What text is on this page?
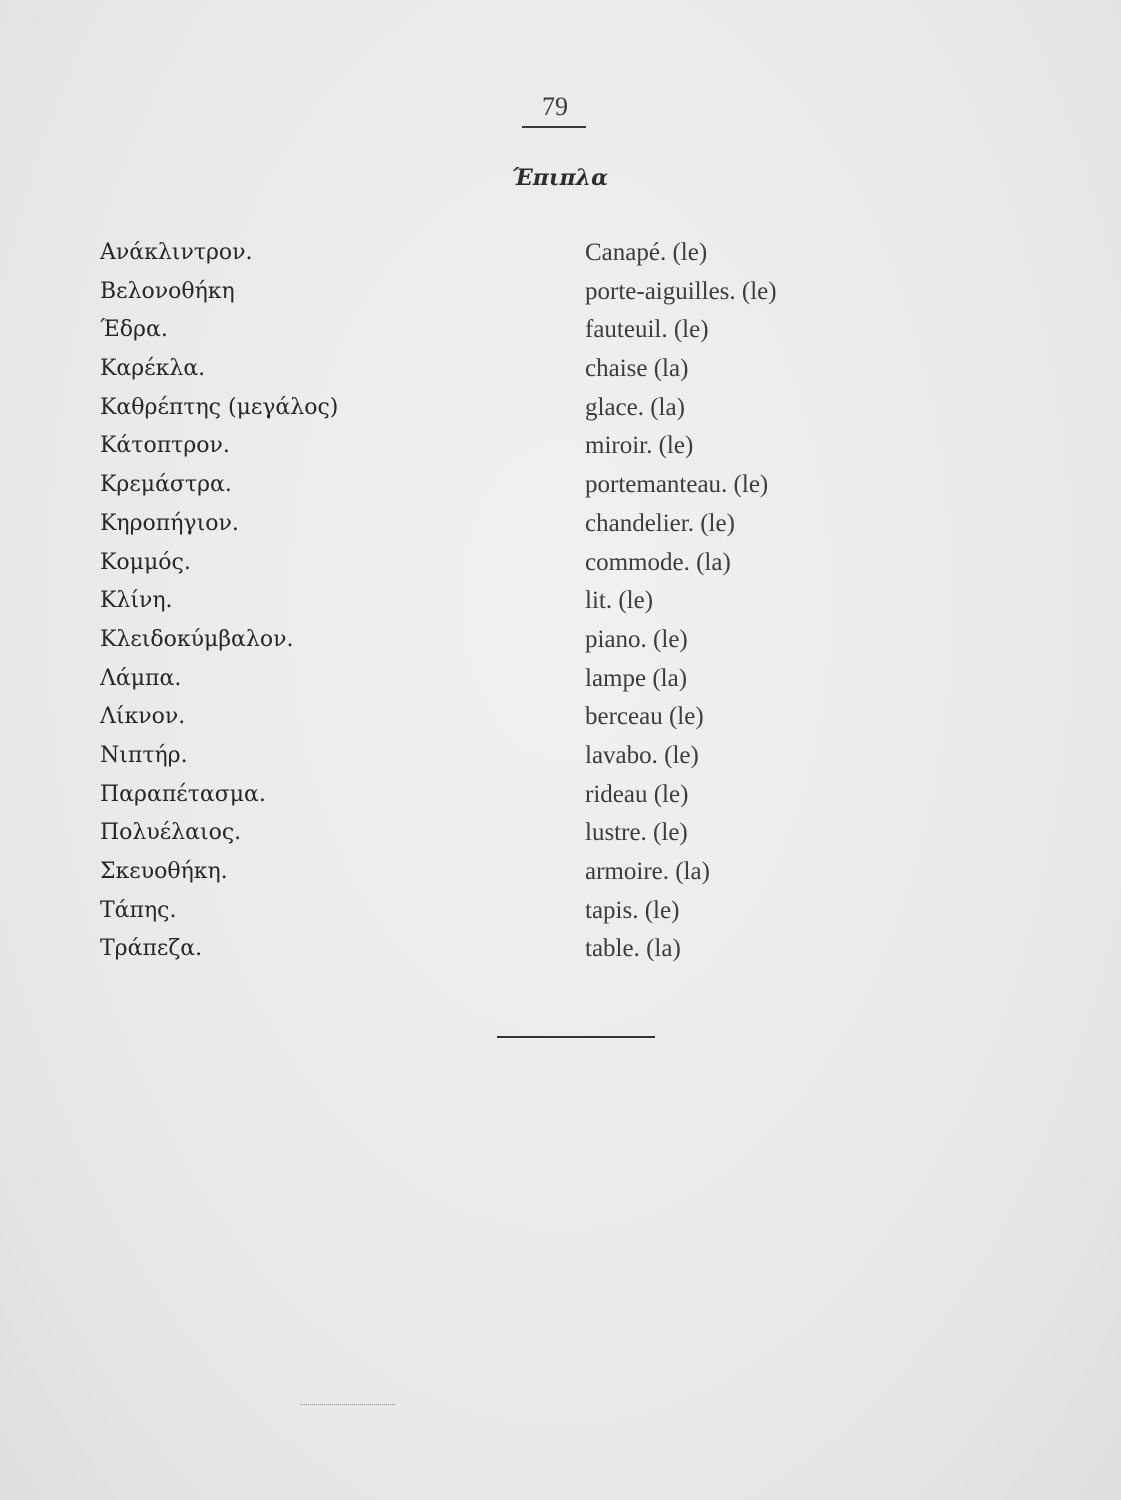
79
Έπιπλα
Ανάκλιντρον.
Βελονοθήκη
Έδρα.
Καρέκλα.
Καθρέπτης (μεγάλος)
Κάτοπτρον.
Κρεμάστρα.
Κηροπήγιον.
Κομμός.
Κλίνη.
Κλειδοκύμβαλον.
Λάμπα.
Λίκνον.
Νιπτήρ.
Παραπέτασμα.
Πολυέλαιος.
Σκευοθήκη.
Τάπης.
Τράπεζα.
Canapé. (le)
porte-aiguilles. (le)
fauteuil. (le)
chaise (la)
glace. (la)
miroir. (le)
portemanteau. (le)
chandelier. (le)
commode. (la)
lit. (le)
piano. (le)
lampe (la)
berceau (le)
lavabo. (le)
rideau (le)
lustre. (le)
armoire. (la)
tapis. (le)
table. (la)
